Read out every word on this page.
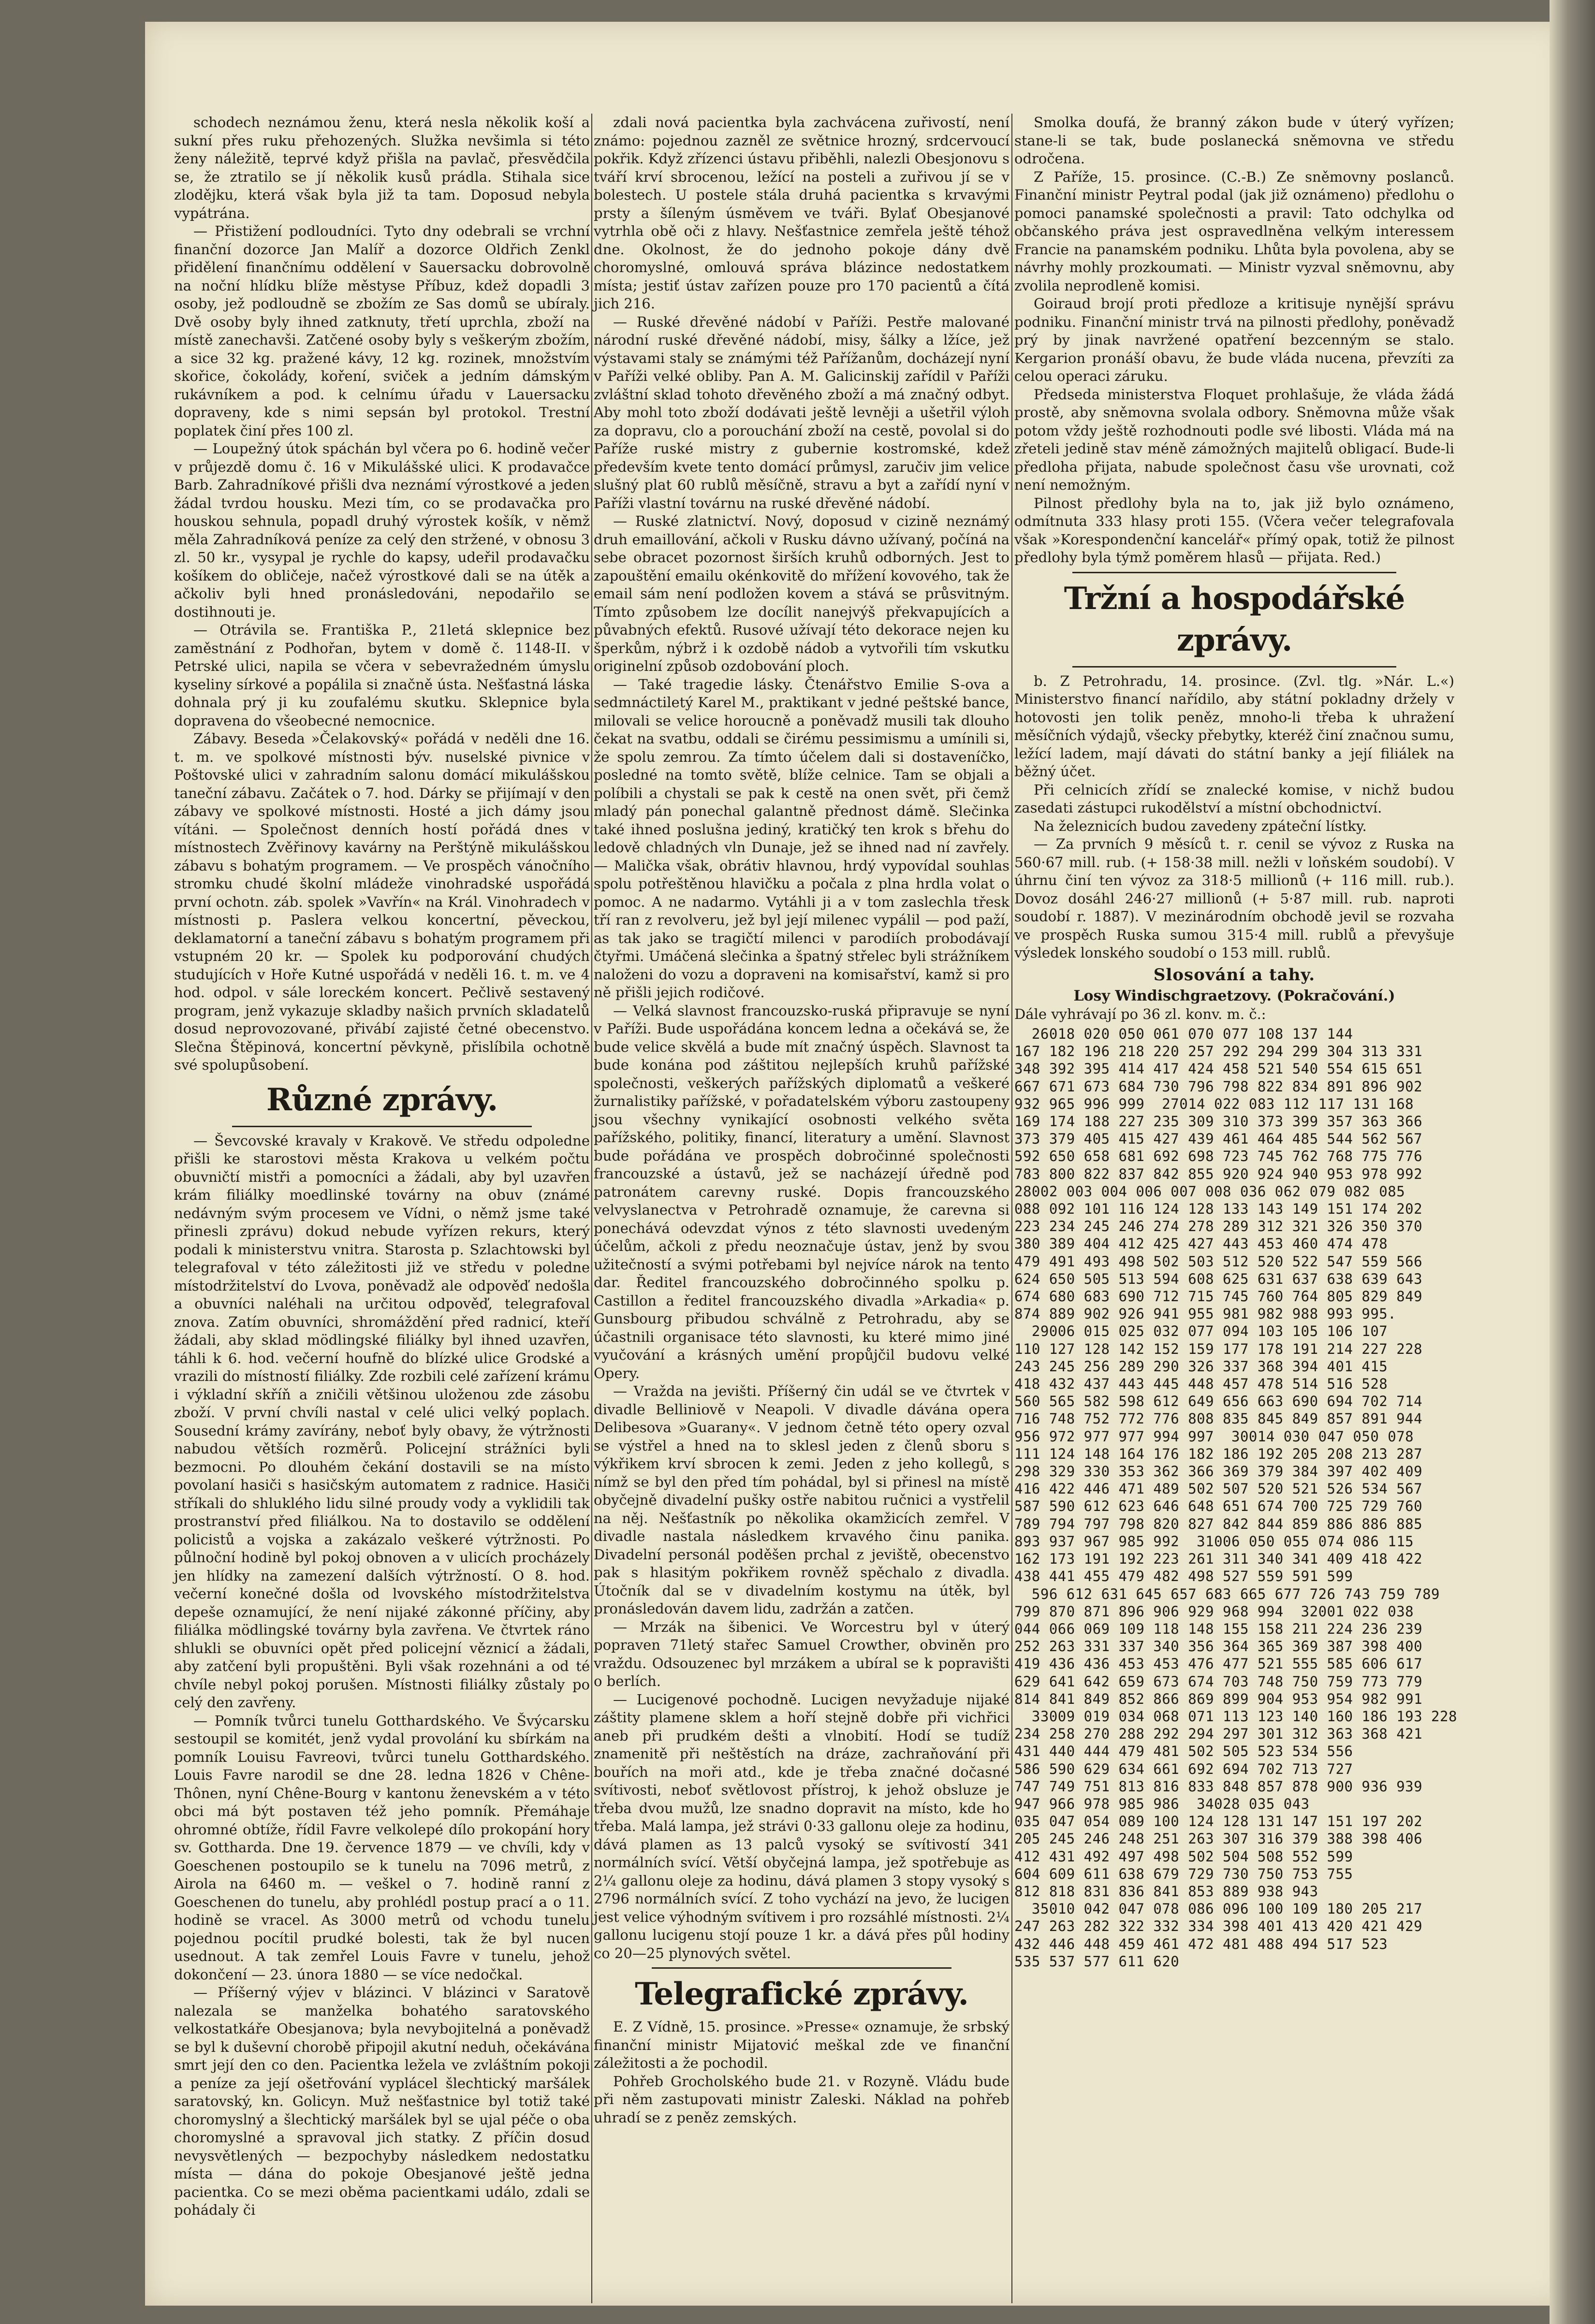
schodech neznámou ženu, která nesla několik koší a sukní přes ruku přehozených. Služka nevšimla si této ženy náležitě, teprvé když přišla na pavlač, přesvědčila se, že ztratilo se jí několik kusů prádla. Stihala sice zlodějku, která však byla již ta tam. Doposud nebyla vypátrána.

— Přistižení podloudníci. Tyto dny odebrali se vrchní finanční dozorce Jan Malíř a dozorce Oldřich Zenkl přidělení finančnímu oddělení v Sauersacku dobrovolně na noční hlídku blíže městyse Příbuz, kdež dopadli 3 osoby, jež podloudně se zbožím ze Sas domů se ubíraly. Dvě osoby byly ihned zatknuty, třetí uprchla, zboží na místě zanechavši. Zatčené osoby byly s veškerým zbožím, a sice 32 kg. pražené kávy, 12 kg. rozinek, množstvím skořice, čokolády, koření, sviček a jedním dámským rukávníkem a pod. k celnímu úřadu v Lauersacku dopraveny, kde s nimi sepsán byl protokol. Trestní poplatek činí přes 100 zl.

— Loupežný útok spáchán byl včera po 6. hodině večer v průjezdě domu č. 16 v Mikulášské ulici. K prodavačce Barb. Zahradníkové přišli dva neznámí výrostkové a jeden žádal tvrdou housku. Mezi tím, co se prodavačka pro houskou sehnula, popadl druhý výrostek košík, v němž měla Zahradníková peníze za celý den stržené, v obnosu 3 zl. 50 kr., vysypal je rychle do kapsy, udeřil prodavačku košíkem do obličeje, načež výrostkové dali se na útěk a ačkoliv byli hned pronásledováni, nepodařilo se dostihnouti je.

— Otrávila se. Františka P., 21letá sklepnice bez zaměstnání z Podhořan, bytem v domě č. 1148-II. v Petrské ulici, napila se včera v sebevražedném úmyslu kyseliny sírkové a popálila si značně ústa. Nešťastná láska dohnala prý ji ku zoufalému skutku. Sklepnice byla dopravena do všeobecné nemocnice.

Zábavy. Beseda »Čelakovský« pořádá v neděli dne 16. t. m. ve spolkové místnosti býv. nuselské pivnice v Poštovské ulici v zahradním salonu domácí mikulášskou taneční zábavu. Začátek o 7. hod. Dárky se přijímají v den zábavy ve spolkové místnosti. Hosté a jich dámy jsou vítáni. — Společnost denních hostí pořádá dnes v místnostech Zvěřinovy kavárny na Perštýně mikulášskou zábavu s bohatým programem. — Ve prospěch vánočního stromku chudé školní mládeže vinohradské uspořádá první ochotn. záb. spolek »Vavřín« na Král. Vinohradech v místnosti p. Paslera velkou koncertní, pěveckou, deklamatorní a taneční zábavu s bohatým programem při vstupném 20 kr. — Spolek ku podporování chudých studujících v Hoře Kutné uspořádá v neděli 16. t. m. ve 4 hod. odpol. v sále loreckém koncert. Pečlivě sestavený program, jenž vykazuje skladby našich prvních skladatelů dosud neprovozované, přivábí zajisté četné obecenstvo. Slečna Štěpinová, koncertní pěvkyně, přislíbila ochotně své spolupůsobení.

Různé zprávy.

— Ševcovské kravaly v Krakově. Ve středu odpoledne přišli ke starostovi města Krakova u velkém počtu obuvničtí mistři a pomocníci a žádali, aby byl uzavřen krám filiálky moedlinské továrny na obuv (známé nedávným svým procesem ve Vídni, o němž jsme také přinesli zprávu) dokud nebude vyřízen rekurs, který podali k ministerstvu vnitra. Starosta p. Szlachtowski byl telegrafoval v této záležitosti již ve středu v poledne místodržitelství do Lvova, poněvadž ale odpověď nedošla a obuvníci naléhali na určitou odpověď, telegrafoval znova. Zatím obuvníci, shromáždění před radnicí, kteří žádali, aby sklad mödlingské filiálky byl ihned uzavřen, táhli k 6. hod. večerní houfně do blízké ulice Grodské a vrazili do místností filiálky. Zde rozbili celé zařízení krámu i výkladní skříň a zničili většinou uloženou zde zásobu zboží. V první chvíli nastal v celé ulici velký poplach. Sousední krámy zavírány, neboť byly obavy, že výtržnosti nabudou větších rozměrů. Policejní strážníci byli bezmocni. Po dlouhém čekání dostavili se na místo povolaní hasiči s hasičským automatem z radnice. Hasiči stříkali do shluklého lidu silné proudy vody a vyklidili tak prostranství před filiálkou. Na to dostavilo se oddělení policistů a vojska a zakázalo veškeré výtržnosti. Po půlnoční hodině byl pokoj obnoven a v ulicích procházely jen hlídky na zamezení dalších výtržností. O 8. hod. večerní konečné došla od lvovského místodržitelstva depeše oznamující, že není nijaké zákonné příčiny, aby filiálka mödlingské továrny byla zavřena. Ve čtvrtek ráno shlukli se obuvníci opět před policejní věznicí a žádali, aby zatčení byli propuštěni. Byli však rozehnáni a od té chvíle nebyl pokoj porušen. Místnosti filiálky zůstaly po celý den zavřeny.

— Pomník tvůrci tunelu Gotthardského. Ve Švýcarsku sestoupil se komitét, jenž vydal provolání ku sbírkám na pomník Louisu Favreovi, tvůrci tunelu Gotthardského. Louis Favre narodil se dne 28. ledna 1826 v Chêne-Thônen, nyní Chêne-Bourg v kantonu ženevském a v této obci má být postaven též jeho pomník. Přemáhaje ohromné obtíže, řídil Favre velkolepé dílo prokopání hory sv. Gottharda. Dne 19. července 1879 — ve chvíli, kdy v Goeschenen postoupilo se k tunelu na 7096 metrů, z Airola na 6460 m. — veškel o 7. hodině ranní z Goeschenen do tunelu, aby prohlédl postup prací a o 11. hodině se vracel. As 3000 metrů od vchodu tunelu pojednou pocítil prudké bolesti, tak že byl nucen usednout. A tak zemřel Louis Favre v tunelu, jehož dokončení — 23. února 1880 — se více nedočkal.

— Příšerný výjev v blázinci. V blázinci v Saratově nalezala se manželka bohatého saratovského velkostatkáře Obesjanova; byla nevybojitelná a poněvadž se byl k duševní chorobě připojil akutní neduh, očekávána smrt její den co den. Pacientka ležela ve zvláštním pokoji a peníze za její ošetřování vyplácel šlechtický maršálek saratovský, kn. Golicyn. Muž nešťastnice byl totiž také choromyslný a šlechtický maršálek byl se ujal péče o oba choromyslné a spravoval jich statky. Z příčin dosud nevysvětlených — bezpochyby následkem nedostatku místa — dána do pokoje Obesjanové ještě jedna pacientka. Co se mezi oběma pacientkami událo, zdali se pohádaly či

zdali nová pacientka byla zachvácena zuřivostí, není známo: pojednou zazněl ze světnice hrozný, srdcervoucí pokřik. Když zřízenci ústavu přiběhli, nalezli Obesjonovu s tváří krví sbrocenou, ležící na posteli a zuřivou jí se v bolestech. U postele stála druhá pacientka s krvavými prsty a šíleným úsměvem ve tváři. Bylať Obesjanové vytrhla obě oči z hlavy. Nešťastnice zemřela ještě téhož dne. Okolnost, že do jednoho pokoje dány dvě choromyslné, omlouvá správa blázince nedostatkem místa; jestiť ústav zařízen pouze pro 170 pacientů a čítá jich 216.

— Ruské dřevěné nádobí v Paříži. Pestře malované národní ruské dřevěné nádobí, misy, šálky a lžíce, jež výstavami staly se známými též Pařížanům, docházejí nyní v Paříži velké obliby. Pan A. M. Galicinskij zařídil v Paříži zvláštní sklad tohoto dřevěného zboží a má značný odbyt. Aby mohl toto zboží dodávati ještě levněji a ušetřil výloh za dopravu, clo a porouchání zboží na cestě, povolal si do Paříže ruské mistry z gubernie kostromské, kdež především kvete tento domácí průmysl, zaručiv jim velice slušný plat 60 rublů měsíčně, stravu a byt a zařídí nyní v Paříži vlastní továrnu na ruské dřevěné nádobí.

— Ruské zlatnictví. Nový, doposud v cizině neznámý druh emaillování, ačkoli v Rusku dávno užívaný, počíná na sebe obracet pozornost širších kruhů odborných. Jest to zapouštění emailu okénkovitě do mřížení kovového, tak že email sám není podložen kovem a stává se průsvitným. Tímto způsobem lze docílit nanejvýš překvapujících a půvabných efektů. Rusové užívají této dekorace nejen ku šperkům, nýbrž i k ozdobě nádob a vytvořili tím vskutku originelní způsob ozdobování ploch.

— Také tragedie lásky. Čtenářstvo Emilie S-ova a sedmnáctiletý Karel M., praktikant v jedné peštské bance, milovali se velice horoucně a poněvadž musili tak dlouho čekat na svatbu, oddali se čirému pessimismu a umínili si, že spolu zemrou. Za tímto účelem dali si dostaveníčko, posledné na tomto světě, blíže celnice. Tam se objali a políbili a chystali se pak k cestě na onen svět, při čemž mladý pán ponechal galantně přednost dámě. Slečinka také ihned poslušna jediný, kratičký ten krok s břehu do ledově chladných vln Dunaje, jež se ihned nad ní zavřely. — Malička však, obrátiv hlavnou, hrdý vypovídal souhlas spolu potřeštěnou hlavičku a počala z plna hrdla volat o pomoc. A ne nadarmo. Vytáhli ji a v tom zaslechla třesk tří ran z revolveru, jež byl její milenec vypálil — pod paží, as tak jako se tragičtí milenci v parodiích probodávají čtyřmi. Umáčená slečinka a špatný střelec byli strážníkem naloženi do vozu a dopraveni na komisařství, kamž si pro ně přišli jejich rodičové.

— Velká slavnost francouzsko-ruská připravuje se nyní v Paříži. Bude uspořádána koncem ledna a očekává se, že bude velice skvělá a bude mít značný úspěch. Slavnost ta bude konána pod záštitou nejlepších kruhů pařížské společnosti, veškerých pařížských diplomatů a veškeré žurnalistiky pařížské, v pořadatelském výboru zastoupeny jsou všechny vynikající osobnosti velkého světa pařížského, politiky, financí, literatury a umění. Slavnost bude pořádána ve prospěch dobročinné společnosti francouzské a ústavů, jež se nacházejí úředně pod patronátem carevny ruské. Dopis francouzského velvyslanectva v Petrohradě oznamuje, že carevna si ponechává odevzdat výnos z této slavnosti uvedeným účelům, ačkoli z předu neoznačuje ústav, jenž by svou užitečností a svými potřebami byl nejvíce nárok na tento dar. Ředitel francouzského dobročinného spolku p. Castillon a ředitel francouzského divadla »Arkadia« p. Gunsbourg přibudou schválně z Petrohradu, aby se účastnili organisace této slavnosti, ku které mimo jiné vyučování a krásných umění propůjčil budovu velké Opery.

— Vražda na jevišti. Příšerný čin udál se ve čtvrtek v divadle Belliniově v Neapoli. V divadle dávána opera Delibesova »Guarany«. V jednom četně této opery ozval se výstřel a hned na to sklesl jeden z členů sboru s výkřikem krví sbrocen k zemi. Jeden z jeho kollegů, s nímž se byl den před tím pohádal, byl si přinesl na místě obyčejně divadelní pušky ostře nabitou ručnici a vystřelil na něj. Nešťastník po několika okamžicích zemřel. V divadle nastala následkem krvavého činu panika. Divadelní personál poděšen prchal z jeviště, obecenstvo pak s hlasitým pokřikem rovněž spěchalo z divadla. Útočník dal se v divadelním kostymu na útěk, byl pronásledován davem lidu, zadržán a zatčen.

— Mrzák na šibenici. Ve Worcestru byl v úterý popraven 71letý stařec Samuel Crowther, obviněn pro vraždu. Odsouzenec byl mrzákem a ubíral se k popravišti o berlích.

— Lucigenové pochodně. Lucigen nevyžaduje nijaké záštity plamene sklem a hoří stejně dobře při vichřici aneb při prudkém dešti a vlnobití. Hodí se tudíž znamenitě při neštěstích na dráze, zachraňování při bouřích na moři atd., kde je třeba značné dočasné svítivosti, neboť světlovost přístroj, k jehož obsluze je třeba dvou mužů, lze snadno dopravit na místo, kde ho třeba. Malá lampa, jež strávi 0·33 gallonu oleje za hodinu, dává plamen as 13 palců vysoký se svítivostí 341 normálních svící. Větší obyčejná lampa, jež spotřebuje as 2¼ gallonu oleje za hodinu, dává plamen 3 stopy vysoký s 2796 normálních svící. Z toho vychází na jevo, že lucigen jest velice výhodným svítivem i pro rozsáhlé místnosti. 2¼ gallonu lucigenu stojí pouze 1 kr. a dává přes půl hodiny co 20—25 plynových světel.

Telegrafické zprávy.

E. Z Vídně, 15. prosince. »Presse« oznamuje, že srbský finanční ministr Mijatović meškal zde ve finanční záležitosti a že pochodil.

Pohřeb Grocholského bude 21. v Rozyně. Vládu bude při něm zastupovati ministr Zaleski. Náklad na pohřeb uhradí se z peněz zemských.

Smolka doufá, že branný zákon bude v úterý vyřízen; stane-li se tak, bude poslanecká sněmovna ve středu odročena.

Z Paříže, 15. prosince. (C.-B.) Ze sněmovny poslanců. Finanční ministr Peytral podal (jak již oznámeno) předlohu o pomoci panamské společnosti a pravil: Tato odchylka od občanského práva jest ospravedlněna velkým interessem Francie na panamském podniku. Lhůta byla povolena, aby se návrhy mohly prozkoumati. — Ministr vyzval sněmovnu, aby zvolila neprodleně komisi.

Goiraud brojí proti předloze a kritisuje nynější správu podniku. Finanční ministr trvá na pilnosti předlohy, poněvadž prý by jinak navržené opatření bezcenným se stalo. Kergarion pronáší obavu, že bude vláda nucena, převzíti za celou operaci záruku.

Předseda ministerstva Floquet prohlašuje, že vláda žádá prostě, aby sněmovna svolala odbory. Sněmovna může však potom vždy ještě rozhodnouti podle své libosti. Vláda má na zřeteli jedině stav méně zámožných majitelů obligací. Bude-li předloha přijata, nabude společnost času vše urovnati, což není nemožným.

Pilnost předlohy byla na to, jak již bylo oznámeno, odmítnuta 333 hlasy proti 155. (Včera večer telegrafovala však »Korespondenční kancelář« přímý opak, totiž že pilnost předlohy byla týmž poměrem hlasů — přijata. Red.)

Tržní a hospodářské zprávy.

b. Z Petrohradu, 14. prosince. (Zvl. tlg. »Nár. L.«) Ministerstvo financí nařídilo, aby státní pokladny držely v hotovosti jen tolik peněz, mnoho-li třeba k uhražení měsíčních výdajů, všecky přebytky, kteréž činí značnou sumu, ležící ladem, mají dávati do státní banky a její filiálek na běžný účet.

Při celnicích zřídí se znalecké komise, v nichž budou zasedati zástupci rukodělství a místní obchodnictví.

Na železnicích budou zavedeny zpáteční lístky.

— Za prvních 9 měsíců t. r. cenil se vývoz z Ruska na 560·67 mill. rub. (+ 158·38 mill. nežli v loňském soudobí). V úhrnu činí ten vývoz za 318·5 millionů (+ 116 mill. rub.). Dovoz dosáhl 246·27 millionů (+ 5·87 mill. rub. naproti soudobí r. 1887). V mezinárodním obchodě jevil se rozvaha ve prospěch Ruska sumou 315·4 mill. rublů a převyšuje výsledek lonského soudobí o 153 mill. rublů.

Slosování a tahy.
Losy Windischgraetzovy. (Pokračování.)
Dále vyhrávají po 36 zl. konv. m. č.:
26018 020 050 061 070 077 108 137 144
167 182 196 218 220 257 292 294 299 304 313 331
348 392 395 414 417 424 458 521 540 554 615 651
667 671 673 684 730 796 798 822 834 891 896 902
932 965 996 999  27014 022 083 112 117 131 168
169 174 188 227 235 309 310 373 399 357 363 366
373 379 405 415 427 439 461 464 485 544 562 567
592 650 658 681 692 698 723 745 762 768 775 776
783 800 822 837 842 855 920 924 940 953 978 992
28002 003 004 006 007 008 036 062 079 082 085
088 092 101 116 124 128 133 143 149 151 174 202
223 234 245 246 274 278 289 312 321 326 350 370
380 389 404 412 425 427 443 453 460 474 478
479 491 493 498 502 503 512 520 522 547 559 566
624 650 505 513 594 608 625 631 637 638 639 643
674 680 683 690 712 715 745 760 764 805 829 849
874 889 902 926 941 955 981 982 988 993 995.
29006 015 025 032 077 094 103 105 106 107
110 127 128 142 152 159 177 178 191 214 227 228
243 245 256 289 290 326 337 368 394 401 415
418 432 437 443 445 448 457 478 514 516 528
560 565 582 598 612 649 656 663 690 694 702 714
716 748 752 772 776 808 835 845 849 857 891 944
956 972 977 977 994 997  30014 030 047 050 078
111 124 148 164 176 182 186 192 205 208 213 287
298 329 330 353 362 366 369 379 384 397 402 409
416 422 446 471 489 502 507 520 521 526 534 567
587 590 612 623 646 648 651 674 700 725 729 760
789 794 797 798 820 827 842 844 859 886 886 885
893 937 967 985 992  31006 050 055 074 086 115
162 173 191 192 223 261 311 340 341 409 418 422
438 441 455 479 482 498 527 559 591 599
596 612 631 645 657 683 665 677 726 743 759 789
799 870 871 896 906 929 968 994  32001 022 038
044 066 069 109 118 148 155 158 211 224 236 239
252 263 331 337 340 356 364 365 369 387 398 400
419 436 436 453 453 476 477 521 555 585 606 617
629 641 642 659 673 674 703 748 750 759 773 779
814 841 849 852 866 869 899 904 953 954 982 991
33009 019 034 068 071 113 123 140 160 186 193 228
234 258 270 288 292 294 297 301 312 363 368 421
431 440 444 479 481 502 505 523 534 556
586 590 629 634 661 692 694 702 713 727
747 749 751 813 816 833 848 857 878 900 936 939
947 966 978 985 986  34028 035 043
035 047 054 089 100 124 128 131 147 151 197 202
205 245 246 248 251 263 307 316 379 388 398 406
412 431 492 497 498 502 504 508 552 599
604 609 611 638 679 729 730 750 753 755
812 818 831 836 841 853 889 938 943
35010 042 047 078 086 096 100 109 180 205 217
247 263 282 322 332 334 398 401 413 420 421 429
432 446 448 459 461 472 481 488 494 517 523
535 537 577 611 620
